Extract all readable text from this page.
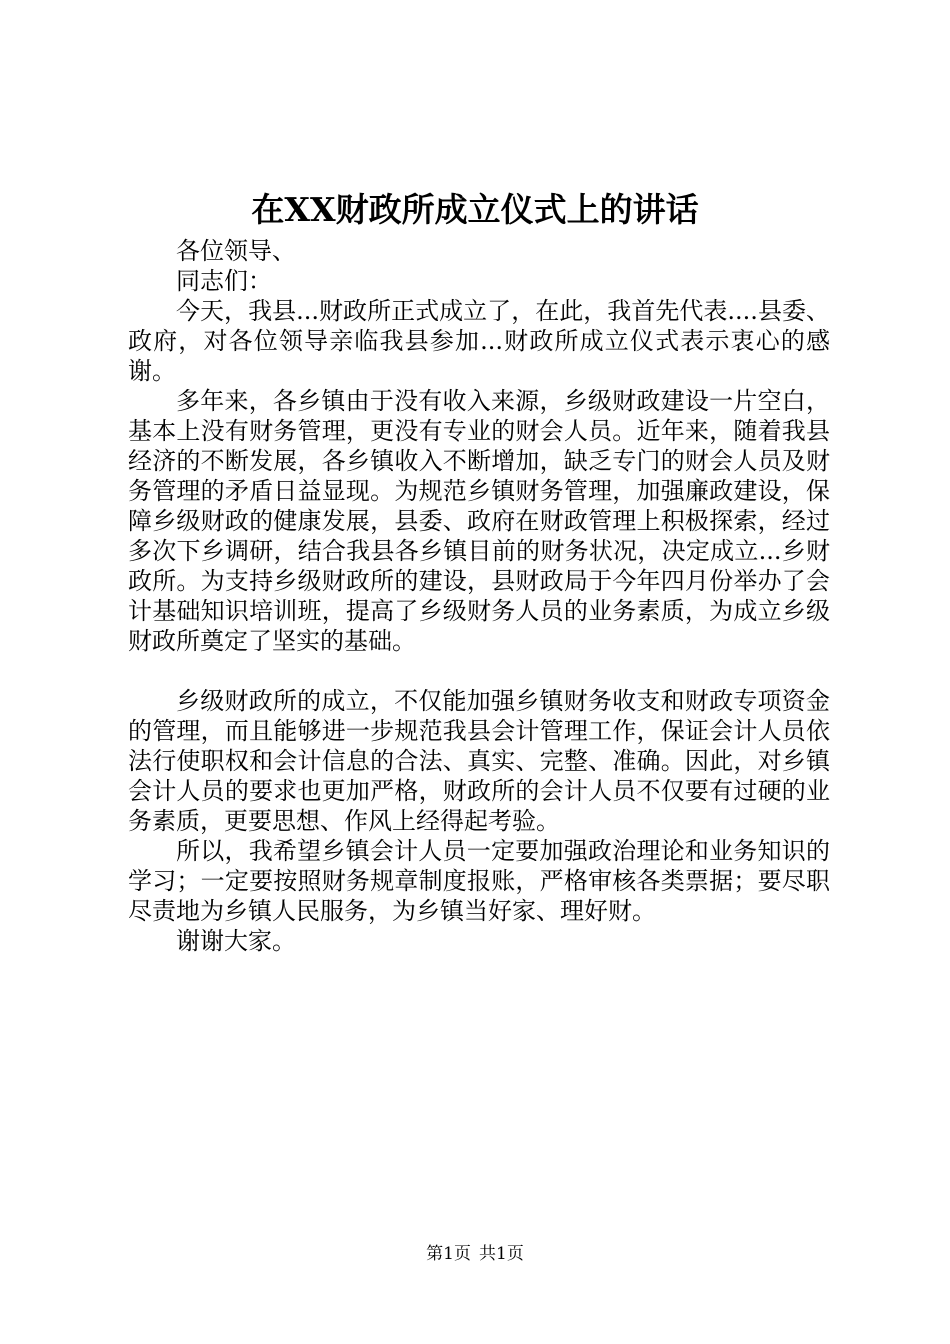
在XX财政所成立仪式上的讲话

各位领导、

同志们：

今天，我县...财政所正式成立了，在此，我首先代表....县委、政府，对各位领导亲临我县参加...财政所成立仪式表示衷心的感谢。

多年来，各乡镇由于没有收入来源，乡级财政建设一片空白，基本上没有财务管理，更没有专业的财会人员。近年来，随着我县经济的不断发展，各乡镇收入不断增加，缺乏专门的财会人员及财务管理的矛盾日益显现。为规范乡镇财务管理，加强廉政建设，保障乡级财政的健康发展，县委、政府在财政管理上积极探索，经过多次下乡调研，结合我县各乡镇目前的财务状况，决定成立...乡财政所。为支持乡级财政所的建设，县财政局于今年四月份举办了会计基础知识培训班，提高了乡级财务人员的业务素质，为成立乡级财政所奠定了坚实的基础。

乡级财政所的成立，不仅能加强乡镇财务收支和财政专项资金的管理，而且能够进一步规范我县会计管理工作，保证会计人员依法行使职权和会计信息的合法、真实、完整、准确。因此，对乡镇会计人员的要求也更加严格，财政所的会计人员不仅要有过硬的业务素质，更要思想、作风上经得起考验。

所以，我希望乡镇会计人员一定要加强政治理论和业务知识的学习；一定要按照财务规章制度报账，严格审核各类票据；要尽职尽责地为乡镇人民服务，为乡镇当好家、理好财。

谢谢大家。

第1页 共1页
